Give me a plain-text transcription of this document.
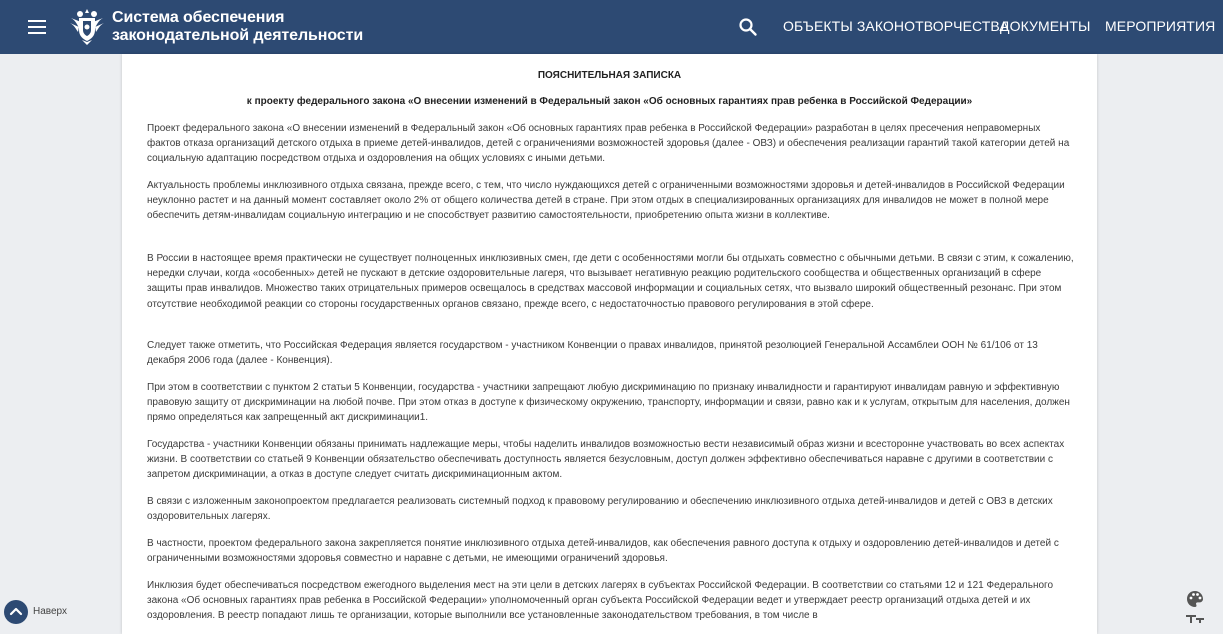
Система обеспечения
законодательной деятельности
ОБЪЕКТЫ ЗАКОНОТВОРЧЕСТВА
ДОКУМЕНТЫ МЕРОПРИЯТИЯ
ПОЯСНИТЕЛЬНАЯ ЗАПИСКА
к проекту федерального закона «О внесении изменений в Федеральный закон «Об основных гарантиях прав ребенка в Российской Федерации»

Проект федерального закона «О внесении изменений в Федеральный закон «Об основных гарантиях прав ребенка в Российской Федерации» разработан в целях пресечения неправомерных фактов отказа организаций детского отдыха в приеме детей-инвалидов, детей с ограничениями возможностей здоровья (далее - ОВЗ) и обеспечения реализации гарантий такой категории детей на социальную адаптацию посредством отдыха и оздоровления на общих условиях с иными детьми.

Актуальность проблемы инклюзивного отдыха связана, прежде всего, с тем, что число нуждающихся детей с ограниченными возможностями здоровья и детей-инвалидов в Российской Федерации неуклонно растет и на данный момент составляет около 2% от общего количества детей в стране. При этом отдых в специализированных организациях для инвалидов не может в полной мере обеспечить детям-инвалидам социальную интеграцию и не способствует развитию самостоятельности, приобретению опыта жизни в коллективе.

В России в настоящее время практически не существует полноценных инклюзивных смен, где дети с особенностями могли бы отдыхать совместно с обычными детьми. В связи с этим, к сожалению, нередки случаи, когда «особенных» детей не пускают в детские оздоровительные лагеря, что вызывает негативную реакцию родительского сообщества и общественных организаций в сфере защиты прав инвалидов. Множество таких отрицательных примеров освещалось в средствах массовой информации и социальных сетях, что вызвало широкий общественный резонанс. При этом отсутствие необходимой реакции со стороны государственных органов связано, прежде всего, с недостаточностью правового регулирования в этой сфере.

Следует также отметить, что Российская Федерация является государством - участником Конвенции о правах инвалидов, принятой резолюцией Генеральной Ассамблеи ООН № 61/106 от 13 декабря 2006 года (далее - Конвенция).

При этом в соответствии с пунктом 2 статьи 5 Конвенции, государства - участники запрещают любую дискриминацию по признаку инвалидности и гарантируют инвалидам равную и эффективную правовую защиту от дискриминации на любой почве. При этом отказ в доступе к физическому окружению, транспорту, информации и связи, равно как и к услугам, открытым для населения, должен прямо определяться как запрещенный акт дискриминации1.

Государства - участники Конвенции обязаны принимать надлежащие меры, чтобы наделить инвалидов возможностью вести независимый образ жизни и всесторонне участвовать во всех аспектах жизни. В соответствии со статьей 9 Конвенции обязательство обеспечивать доступность является безусловным, доступ должен эффективно обеспечиваться наравне с другими в соответствии с запретом дискриминации, а отказ в доступе следует считать дискриминационным актом.

В связи с изложенным законопроектом предлагается реализовать системный подход к правовому регулированию и обеспечению инклюзивного отдыха детей-инвалидов и детей с ОВЗ в детских оздоровительных лагерях.

В частности, проектом федерального закона закрепляется понятие инклюзивного отдыха детей-инвалидов, как обеспечения равного доступа к отдыху и оздоровлению детей-инвалидов и детей с ограниченными возможностями здоровья совместно и наравне с детьми, не имеющими ограничений здоровья.

Инклюзия будет обеспечиваться посредством ежегодного выделения мест на эти цели в детских лагерях в субъектах Российской Федерации. В соответствии со статьями 12 и 121 Федерального закона «Об основных гарантиях прав ребенка в Российской Федерации» уполномоченный орган субъекта Российской Федерации ведет и утверждает реестр организаций отдыха детей и их оздоровления. В реестр попадают лишь те организации, которые выполнили все установленные законодательством требования, в том числе в

Наверх
